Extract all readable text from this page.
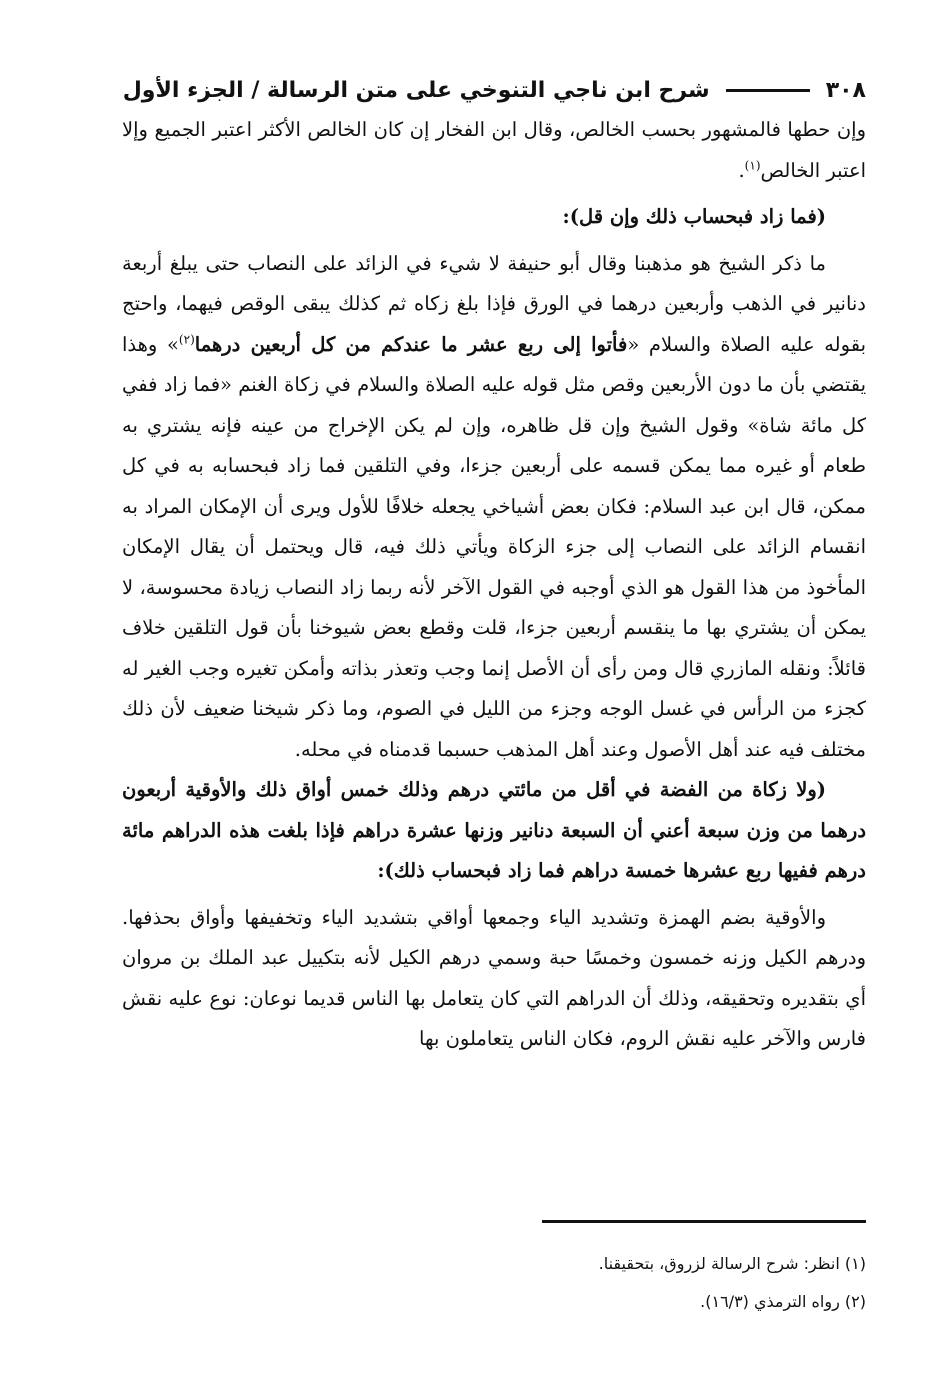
٣٠٨
شرح ابن ناجي التنوخي على متن الرسالة / الجزء الأول

وإن حطها فالمشهور بحسب الخالص، وقال ابن الفخار إن كان الخالص الأكثر اعتبر الجميع وإلا اعتبر الخالص$^{(١)}$.

(فما زاد فبحساب ذلك وإن قل):

ما ذكر الشيخ هو مذهبنا وقال أبو حنيفة لا شيء في الزائد على النصاب حتى يبلغ أربعة دنانير في الذهب وأربعين درهما في الورق فإذا بلغ زكاه ثم كذلك يبقى الوقص فيهما، واحتج بقوله عليه الصلاة والسلام «فأتوا إلى ربع عشر ما عندكم من كل أربعين درهما$^{(٢)}$» وهذا يقتضي بأن ما دون الأربعين وقص مثل قوله عليه الصلاة والسلام في زكاة الغنم «فما زاد ففي كل مائة شاة» وقول الشيخ وإن قل ظاهره، وإن لم يكن الإخراج من عينه فإنه يشتري به طعام أو غيره مما يمكن قسمه على أربعين جزءا، وفي التلقين فما زاد فبحسابه به في كل ممكن، قال ابن عبد السلام: فكان بعض أشياخي يجعله خلافًا للأول ويرى أن الإمكان المراد به انقسام الزائد على النصاب إلى جزء الزكاة ويأتي ذلك فيه، قال ويحتمل أن يقال الإمكان المأخوذ من هذا القول هو الذي أوجبه في القول الآخر لأنه ربما زاد النصاب زيادة محسوسة، لا يمكن أن يشتري بها ما ينقسم أربعين جزءا، قلت وقطع بعض شيوخنا بأن قول التلقين خلاف قائلاً: ونقله المازري قال ومن رأى أن الأصل إنما وجب وتعذر بذاته وأمكن تغيره وجب الغير له كجزء من الرأس في غسل الوجه وجزء من الليل في الصوم، وما ذكر شيخنا ضعيف لأن ذلك مختلف فيه عند أهل الأصول وعند أهل المذهب حسبما قدمناه في محله.

(ولا زكاة من الفضة في أقل من مائتي درهم وذلك خمس أواق ذلك والأوقية أربعون درهما من وزن سبعة أعني أن السبعة دنانير وزنها عشرة دراهم فإذا بلغت هذه الدراهم مائة درهم ففيها ربع عشرها خمسة دراهم فما زاد فبحساب ذلك):

والأوقية بضم الهمزة وتشديد الياء وجمعها أواقي بتشديد الياء وتخفيفها وأواق بحذفها. ودرهم الكيل وزنه خمسون وخمسًا حبة وسمي درهم الكيل لأنه بتكييل عبد الملك بن مروان أي بتقديره وتحقيقه، وذلك أن الدراهم التي كان يتعامل بها الناس قديما نوعان: نوع عليه نقش فارس والآخر عليه نقش الروم، فكان الناس يتعاملون بها

(١) انظر: شرح الرسالة لزروق، بتحقيقنا.

(٢) رواه الترمذي (١٦/٣).
